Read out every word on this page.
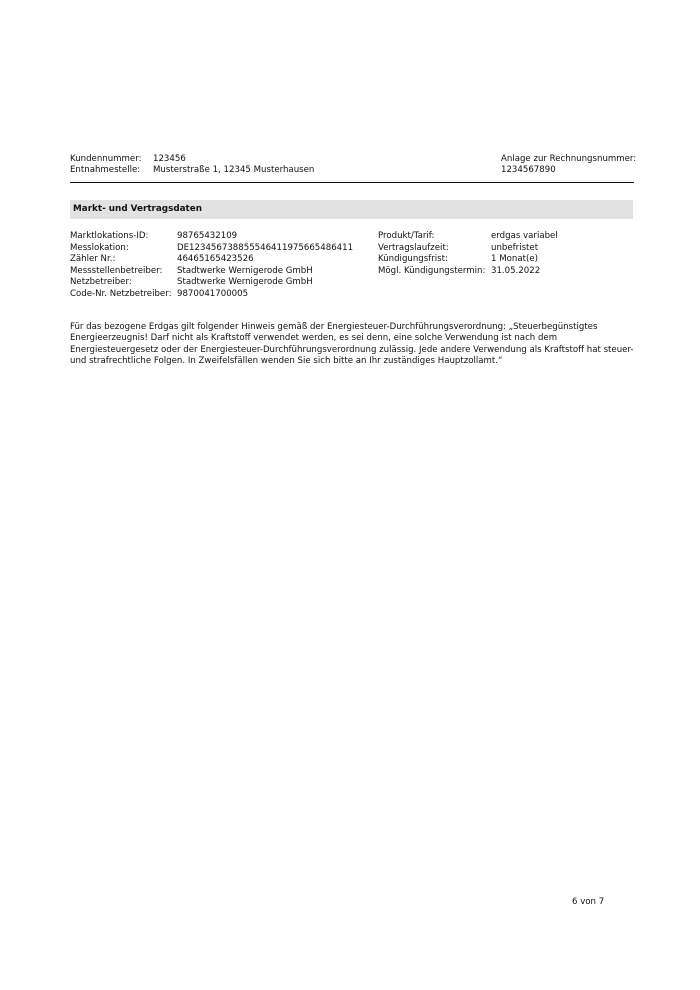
Kundennummer:	123456
Entnahmestelle:	Musterstraße 1, 12345 Musterhausen
Anlage zur Rechnungsnummer:
1234567890
Markt- und Vertragsdaten
Marktlokations-ID:	98765432109
Messlokation:	DE12345673885554641197566548641​1
Zähler Nr.:	46465165423526
Messstellenbetreiber:	Stadtwerke Wernigerode GmbH
Netzbetreiber:	Stadtwerke Wernigerode GmbH
Code-Nr. Netzbetreiber: 9870041700005
Produkt/Tarif:	erdgas variabel
Vertragslaufzeit:	unbefristet
Kündigungsfrist:	1 Monat(e)
Mögl. Kündigungstermin: 31.05.2022
Für das bezogene Erdgas gilt folgender Hinweis gemäß der Energiesteuer-Durchführungsverordnung: „Steuerbegünstigtes
Energieerzeugnis! Darf nicht als Kraftstoff verwendet werden, es sei denn, eine solche Verwendung ist nach dem
Energiesteuergesetz oder der Energiesteuer-Durchführungsverordnung zulässig. Jede andere Verwendung als Kraftstoff hat steuer-
und strafrechtliche Folgen. In Zweifelsfällen wenden Sie sich bitte an Ihr zuständiges Hauptzollamt.“
6 von 7
